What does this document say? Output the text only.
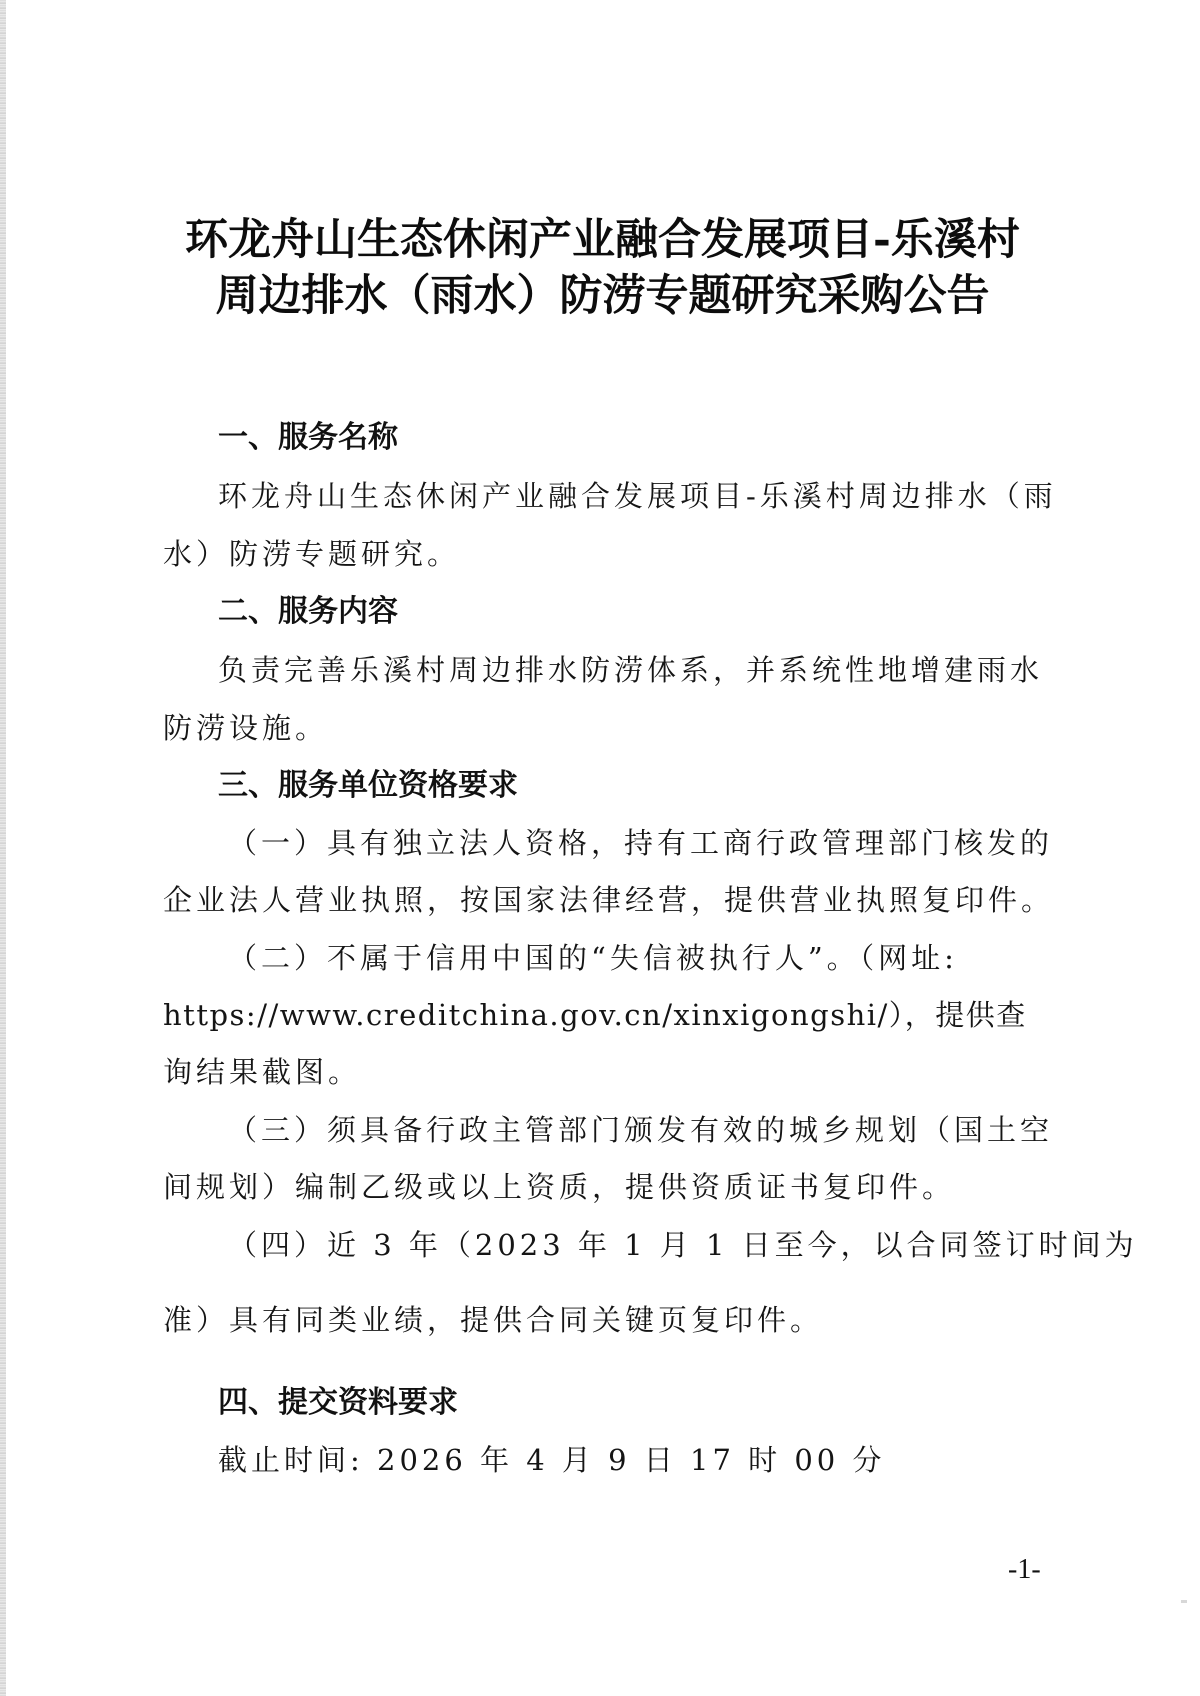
环龙舟山生态休闲产业融合发展项目-乐溪村
周边排水（雨水）防涝专题研究采购公告
一、服务名称
环龙舟山生态休闲产业融合发展项目-乐溪村周边排水（雨
水）防涝专题研究。
二、服务内容
负责完善乐溪村周边排水防涝体系，并系统性地增建雨水
防涝设施。
三、服务单位资格要求
（一）具有独立法人资格，持有工商行政管理部门核发的
企业法人营业执照，按国家法律经营，提供营业执照复印件。
（二）不属于信用中国的“失信被执行人”。（网址:
https://www.creditchina.gov.cn/xinxigongshi/），提供查
询结果截图。
（三）须具备行政主管部门颁发有效的城乡规划（国土空
间规划）编制乙级或以上资质，提供资质证书复印件。
（四）近 3 年（2023 年 1 月 1 日至今，以合同签订时间为
准）具有同类业绩，提供合同关键页复印件。
四、提交资料要求
截止时间: 2026 年 4 月 9 日 17 时 00 分
-1-
